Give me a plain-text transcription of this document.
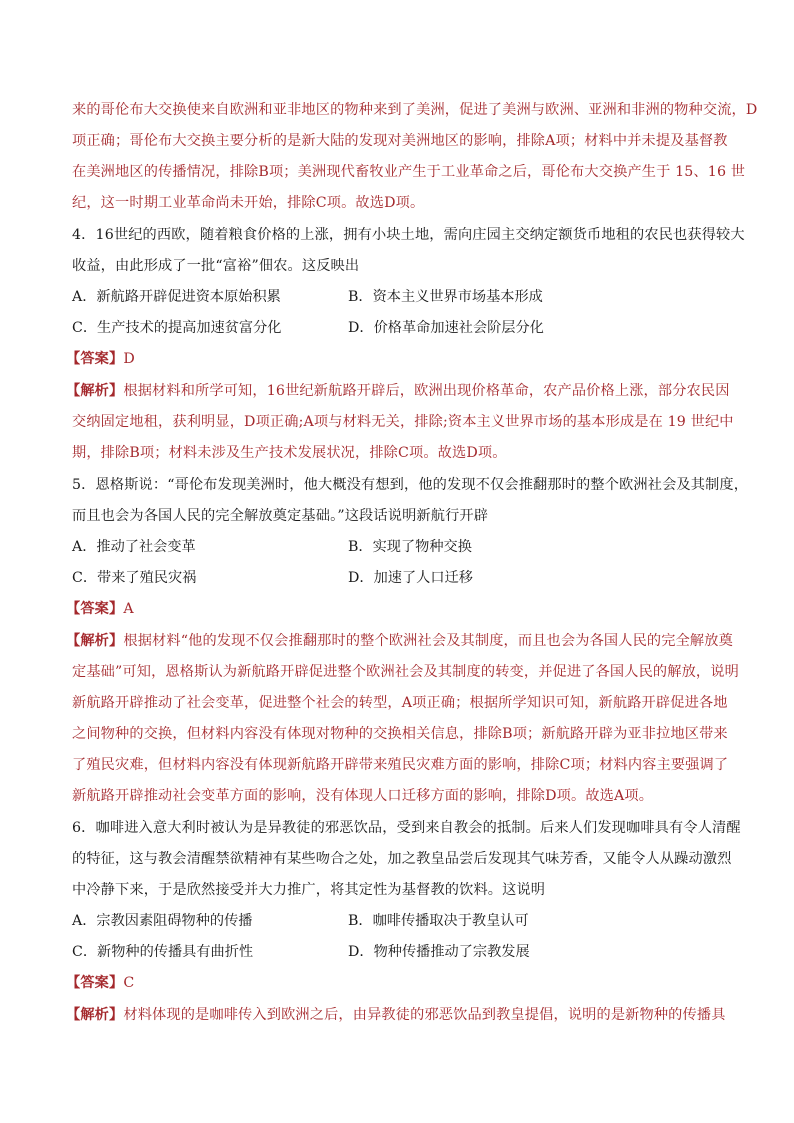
来的哥伦布大交换使来自欧洲和亚非地区的物种来到了美洲，促进了美洲与欧洲、亚洲和非洲的物种交流，D
项正确；哥伦布大交换主要分析的是新大陆的发现对美洲地区的影响，排除A项；材料中并未提及基督教
在美洲地区的传播情况，排除B项；美洲现代畜牧业产生于工业革命之后，哥伦布大交换产生于 15、16 世
纪，这一时期工业革命尚未开始，排除C项。故选D项。
4．16世纪的西欧，随着粮食价格的上涨，拥有小块土地，需向庄园主交纳定额货币地租的农民也获得较大
收益，由此形成了一批“富裕”佃农。这反映出
A．新航路开辟促进资本原始积累	B．资本主义世界市场基本形成
C．生产技术的提高加速贫富分化	D．价格革命加速社会阶层分化
【答案】D
【解析】根据材料和所学可知，16世纪新航路开辟后，欧洲出现价格革命，农产品价格上涨，部分农民因
交纳固定地租，获利明显，D项正确;A项与材料无关，排除;资本主义世界市场的基本形成是在 19 世纪中
期，排除B项；材料未涉及生产技术发展状况，排除C项。故选D项。
5．恩格斯说：“哥伦布发现美洲时，他大概没有想到，他的发现不仅会推翻那时的整个欧洲社会及其制度，
而且也会为各国人民的完全解放奠定基础。”这段话说明新航行开辟
A．推动了社会变革	B．实现了物种交换
C．带来了殖民灾祸	D．加速了人口迁移
【答案】A
【解析】根据材料“他的发现不仅会推翻那时的整个欧洲社会及其制度，而且也会为各国人民的完全解放奠
定基础”可知，恩格斯认为新航路开辟促进整个欧洲社会及其制度的转变，并促进了各国人民的解放，说明
新航路开辟推动了社会变革，促进整个社会的转型，A项正确；根据所学知识可知，新航路开辟促进各地
之间物种的交换，但材料内容没有体现对物种的交换相关信息，排除B项；新航路开辟为亚非拉地区带来
了殖民灾难，但材料内容没有体现新航路开辟带来殖民灾难方面的影响，排除C项；材料内容主要强调了
新航路开辟推动社会变革方面的影响，没有体现人口迁移方面的影响，排除D项。故选A项。
6．咖啡进入意大利时被认为是异教徒的邪恶饮品，受到来自教会的抵制。后来人们发现咖啡具有令人清醒
的特征，这与教会清醒禁欲精神有某些吻合之处，加之教皇品尝后发现其气味芳香，又能令人从躁动激烈
中冷静下来，于是欣然接受并大力推广，将其定性为基督教的饮料。这说明
A．宗教因素阻碍物种的传播	B．咖啡传播取决于教皇认可
C．新物种的传播具有曲折性	D．物种传播推动了宗教发展
【答案】C
【解析】材料体现的是咖啡传入到欧洲之后，由异教徒的邪恶饮品到教皇提倡，说明的是新物种的传播具
